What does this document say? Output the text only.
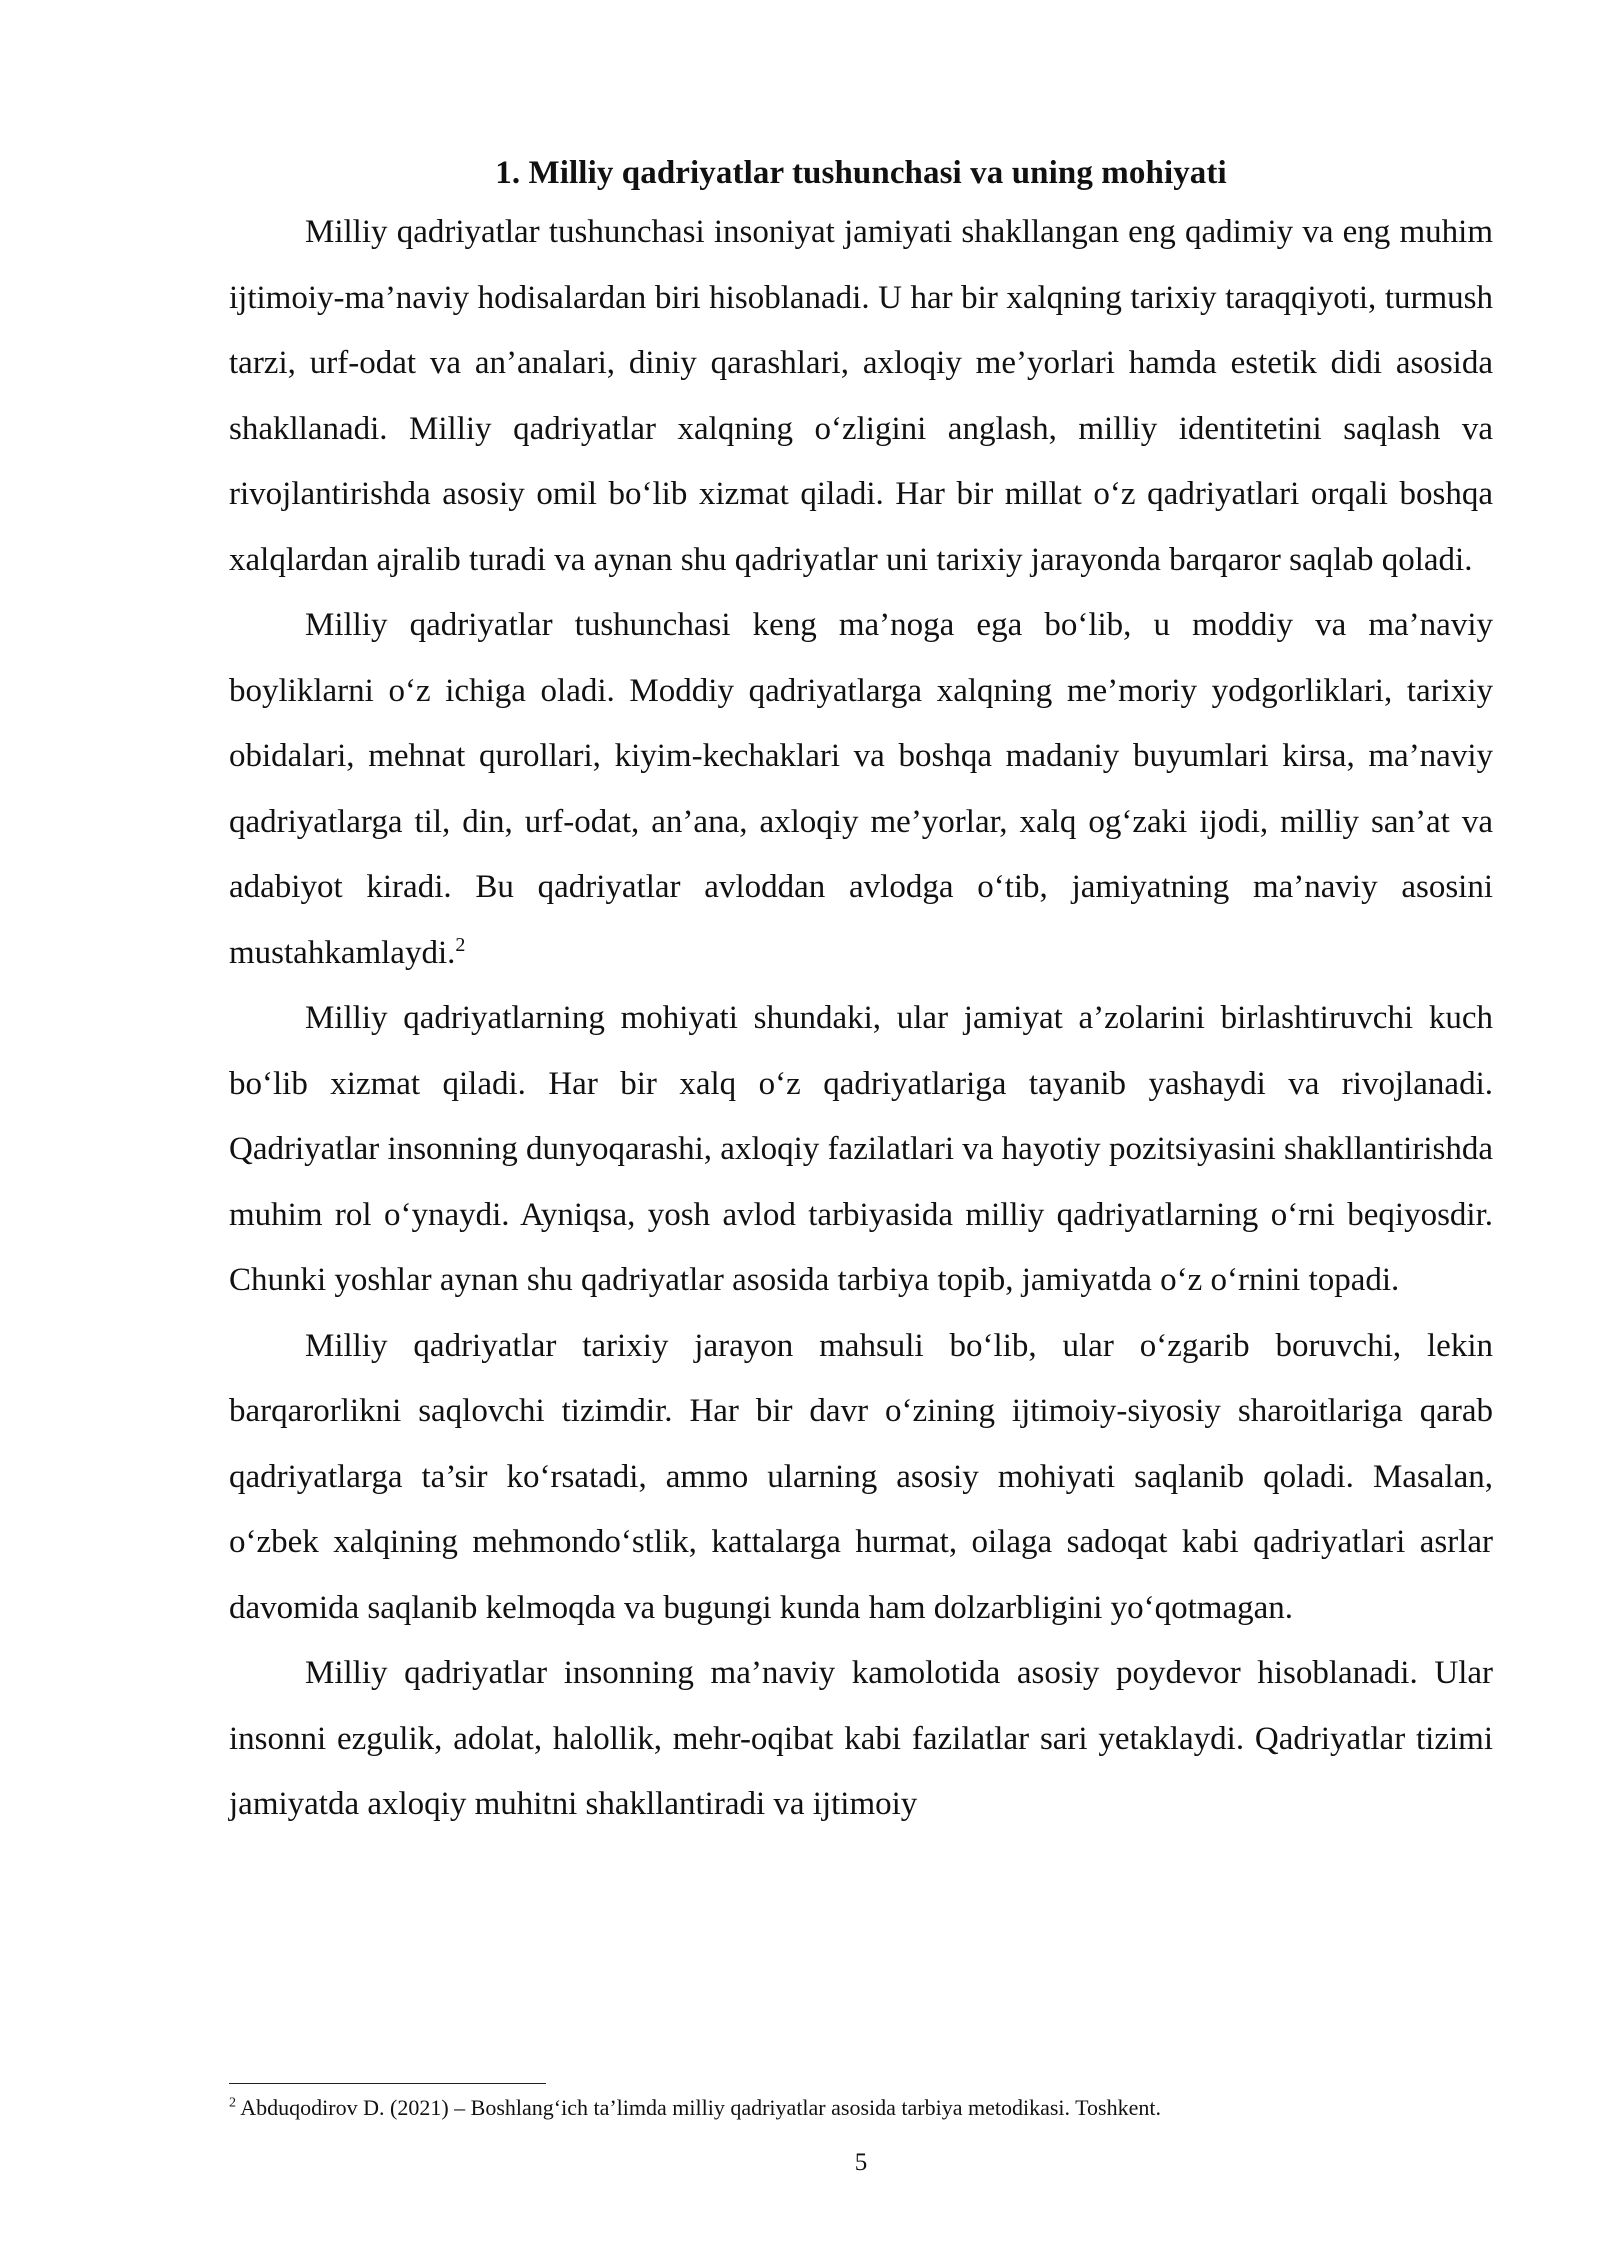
1. Milliy qadriyatlar tushunchasi va uning mohiyati

Milliy qadriyatlar tushunchasi insoniyat jamiyati shakllangan eng qadimiy va eng muhim ijtimoiy-ma’naviy hodisalardan biri hisoblanadi. U har bir xalqning tarixiy taraqqiyoti, turmush tarzi, urf-odat va an’analari, diniy qarashlari, axloqiy me’yorlari hamda estetik didi asosida shakllanadi. Milliy qadriyatlar xalqning o‘zligini anglash, milliy identitetini saqlash va rivojlantirishda asosiy omil bo‘lib xizmat qiladi. Har bir millat o‘z qadriyatlari orqali boshqa xalqlardan ajralib turadi va aynan shu qadriyatlar uni tarixiy jarayonda barqaror saqlab qoladi.

Milliy qadriyatlar tushunchasi keng ma’noga ega bo‘lib, u moddiy va ma’naviy boyliklarni o‘z ichiga oladi. Moddiy qadriyatlarga xalqning me’moriy yodgorliklari, tarixiy obidalari, mehnat qurollari, kiyim-kechaklari va boshqa madaniy buyumlari kirsa, ma’naviy qadriyatlarga til, din, urf-odat, an’ana, axloqiy me’yorlar, xalq og‘zaki ijodi, milliy san’at va adabiyot kiradi. Bu qadriyatlar avloddan avlodga o‘tib, jamiyatning ma’naviy asosini mustahkamlaydi.$^2$

Milliy qadriyatlarning mohiyati shundaki, ular jamiyat a’zolarini birlashtiruvchi kuch bo‘lib xizmat qiladi. Har bir xalq o‘z qadriyatlariga tayanib yashaydi va rivojlanadi. Qadriyatlar insonning dunyoqarashi, axloqiy fazilatlari va hayotiy pozitsiyasini shakllantirishda muhim rol o‘ynaydi. Ayniqsa, yosh avlod tarbiyasida milliy qadriyatlarning o‘rni beqiyosdir. Chunki yoshlar aynan shu qadriyatlar asosida tarbiya topib, jamiyatda o‘z o‘rnini topadi.

Milliy qadriyatlar tarixiy jarayon mahsuli bo‘lib, ular o‘zgarib boruvchi, lekin barqarorlikni saqlovchi tizimdir. Har bir davr o‘zining ijtimoiy-siyosiy sharoitlariga qarab qadriyatlarga ta’sir ko‘rsatadi, ammo ularning asosiy mohiyati saqlanib qoladi. Masalan, o‘zbek xalqining mehmondo‘stlik, kattalarga hurmat, oilaga sadoqat kabi qadriyatlari asrlar davomida saqlanib kelmoqda va bugungi kunda ham dolzarbligini yo‘qotmagan.

Milliy qadriyatlar insonning ma’naviy kamolotida asosiy poydevor hisoblanadi. Ular insonni ezgulik, adolat, halollik, mehr-oqibat kabi fazilatlar sari yetaklaydi. Qadriyatlar tizimi jamiyatda axloqiy muhitni shakllantiradi va ijtimoiy

$^2$ Abduqodirov D. (2021) – Boshlang‘ich ta’limda milliy qadriyatlar asosida tarbiya metodikasi. Toshkent.

5
